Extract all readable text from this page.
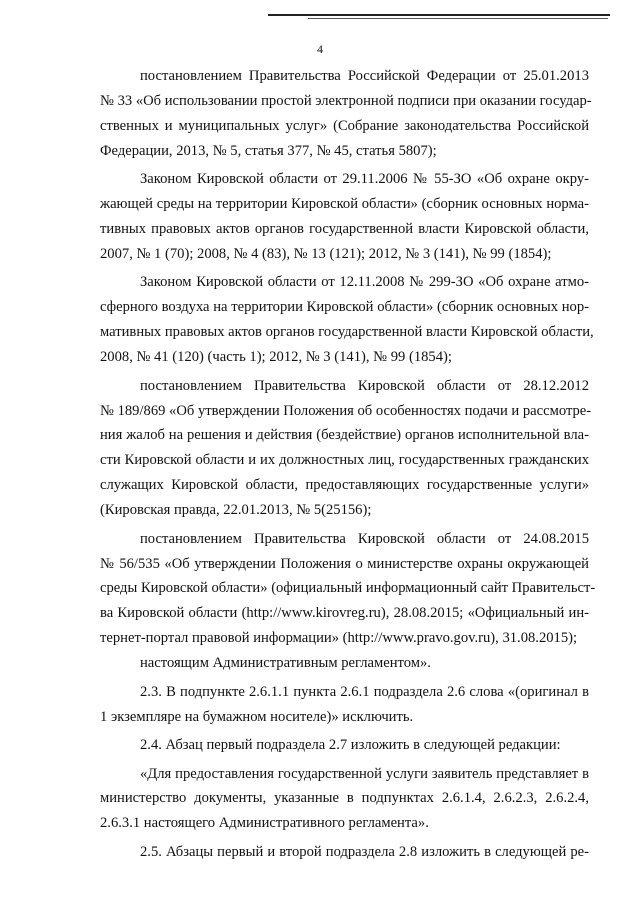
4
постановлением Правительства Российской Федерации от 25.01.2013
№ 33 «Об использовании простой электронной подписи при оказании государ-
ственных и муниципальных услуг» (Собрание законодательства Российской
Федерации, 2013, № 5, статья 377, № 45, статья 5807);
Законом Кировской области от 29.11.2006 № 55-ЗО «Об охране окру-
жающей среды на территории Кировской области» (сборник основных норма-
тивных правовых актов органов государственной власти Кировской области,
2007, № 1 (70); 2008, № 4 (83), № 13 (121); 2012, № 3 (141), № 99 (1854);
Законом Кировской области от 12.11.2008 № 299-ЗО «Об охране атмо-
сферного воздуха на территории Кировской области» (сборник основных нор-
мативных правовых актов органов государственной власти Кировской области,
2008, № 41 (120) (часть 1); 2012, № 3 (141), № 99 (1854);
постановлением Правительства Кировской области от 28.12.2012
№ 189/869 «Об утверждении Положения об особенностях подачи и рассмотре-
ния жалоб на решения и действия (бездействие) органов исполнительной вла-
сти Кировской области и их должностных лиц, государственных гражданских
служащих Кировской области, предоставляющих государственные услуги»
(Кировская правда, 22.01.2013, № 5(25156);
постановлением Правительства Кировской области от 24.08.2015
№ 56/535 «Об утверждении Положения о министерстве охраны окружающей
среды Кировской области» (официальный информационный сайт Правительст-
ва Кировской области (http://www.kirovreg.ru), 28.08.2015; «Официальный ин-
тернет-портал правовой информации» (http://www.pravo.gov.ru), 31.08.2015);
настоящим Административным регламентом».
2.3. В подпункте 2.6.1.1 пункта 2.6.1 подраздела 2.6 слова «(оригинал в
1 экземпляре на бумажном носителе)» исключить.
2.4. Абзац первый подраздела 2.7 изложить в следующей редакции:
«Для предоставления государственной услуги заявитель представляет в
министерство документы, указанные в подпунктах 2.6.1.4, 2.6.2.3, 2.6.2.4,
2.6.3.1 настоящего Административного регламента».
2.5. Абзацы первый и второй подраздела 2.8 изложить в следующей ре-
